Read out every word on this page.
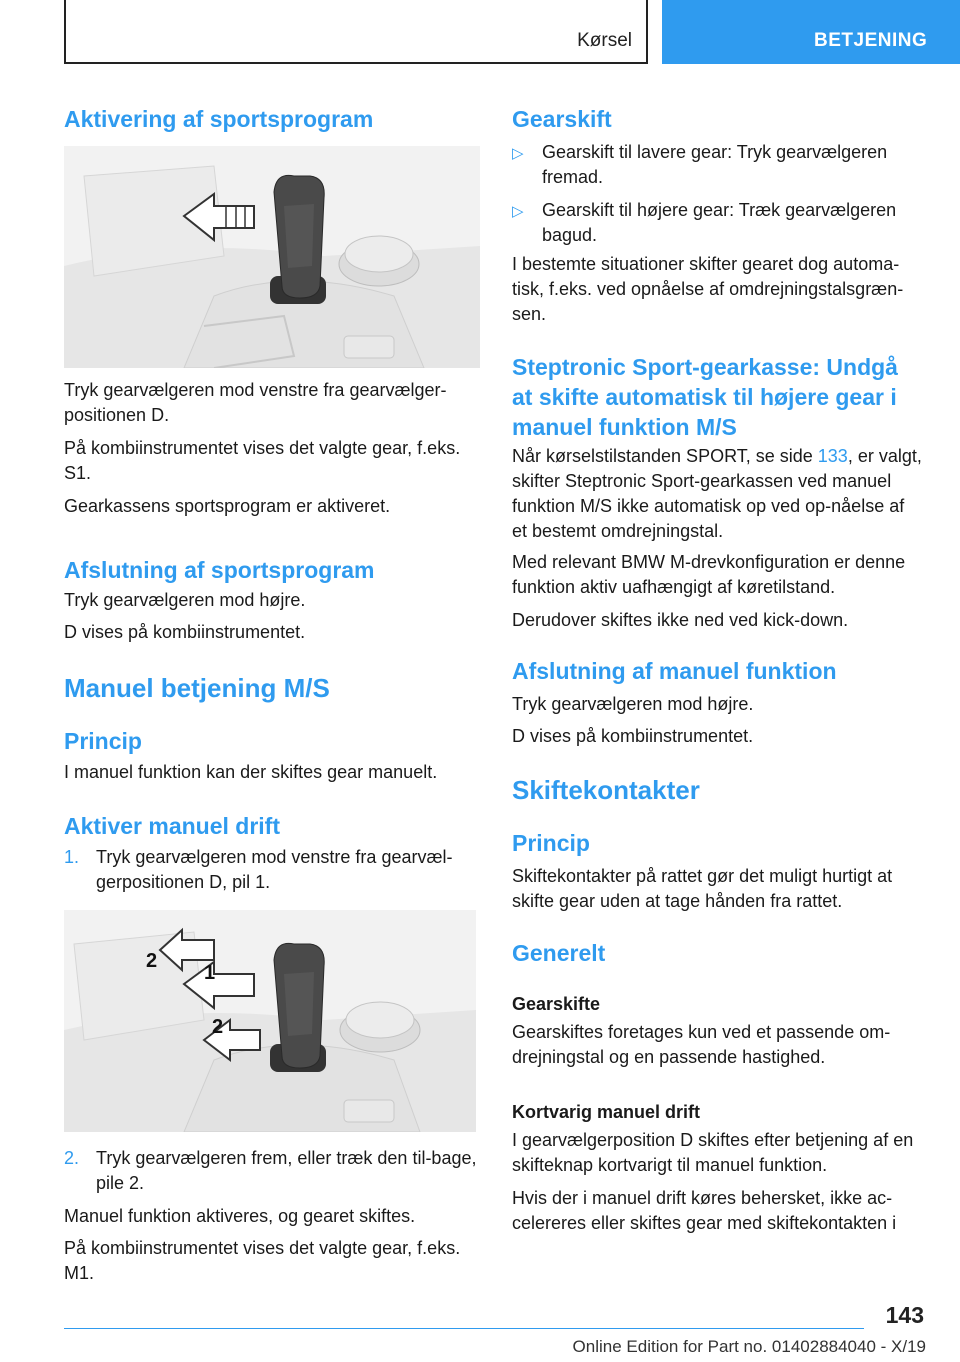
Kørsel	BETJENING
Aktivering af sportsprogram

Tryk gearvælgeren mod venstre fra gearvælger-positionen D.

På kombiinstrumentet vises det valgte gear, f.eks. S1.

Gearkassens sportsprogram er aktiveret.

Afslutning af sportsprogram

Tryk gearvælgeren mod højre.

D vises på kombiinstrumentet.

Manuel betjening M/S
Princip

I manuel funktion kan der skiftes gear manuelt.

Aktiver manuel drift
1. Tryk gearvælgeren mod venstre fra gearvæl-gerpositionen D, pil 1.
1
2
2
2. Tryk gearvælgeren frem, eller træk den til-bage, pile 2.

Manuel funktion aktiveres, og gearet skiftes.

På kombiinstrumentet vises det valgte gear, f.eks. M1.

Gearskift
▷ Gearskift til lavere gear: Tryk gearvælgeren fremad.
▷ Gearskift til højere gear: Træk gearvælgeren bagud.

I bestemte situationer skifter gearet dog automa-tisk, f.eks. ved opnåelse af omdrejningstalsgræn-sen.

Steptronic Sport-gearkasse: Undgå at skifte automatisk til højere gear i manuel funktion M/S

Når kørselstilstanden SPORT, se side 133, er valgt, skifter Steptronic Sport-gearkassen ved manuel funktion M/S ikke automatisk op ved op-nåelse af et bestemt omdrejningstal.

Med relevant BMW M-drevkonfiguration er denne funktion aktiv uafhængigt af køretilstand.

Derudover skiftes ikke ned ved kick-down.

Afslutning af manuel funktion

Tryk gearvælgeren mod højre.

D vises på kombiinstrumentet.

Skiftekontakter
Princip

Skiftekontakter på rattet gør det muligt hurtigt at skifte gear uden at tage hånden fra rattet.

Generelt
Gearskifte

Gearskiftes foretages kun ved et passende om-drejningstal og en passende hastighed.

Kortvarig manuel drift

I gearvælgerposition D skiftes efter betjening af en skifteknap kortvarigt til manuel funktion.

Hvis der i manuel drift køres behersket, ikke ac-celereres eller skiftes gear med skiftekontakten i

143
Online Edition for Part no. 01402884040 - X/19
